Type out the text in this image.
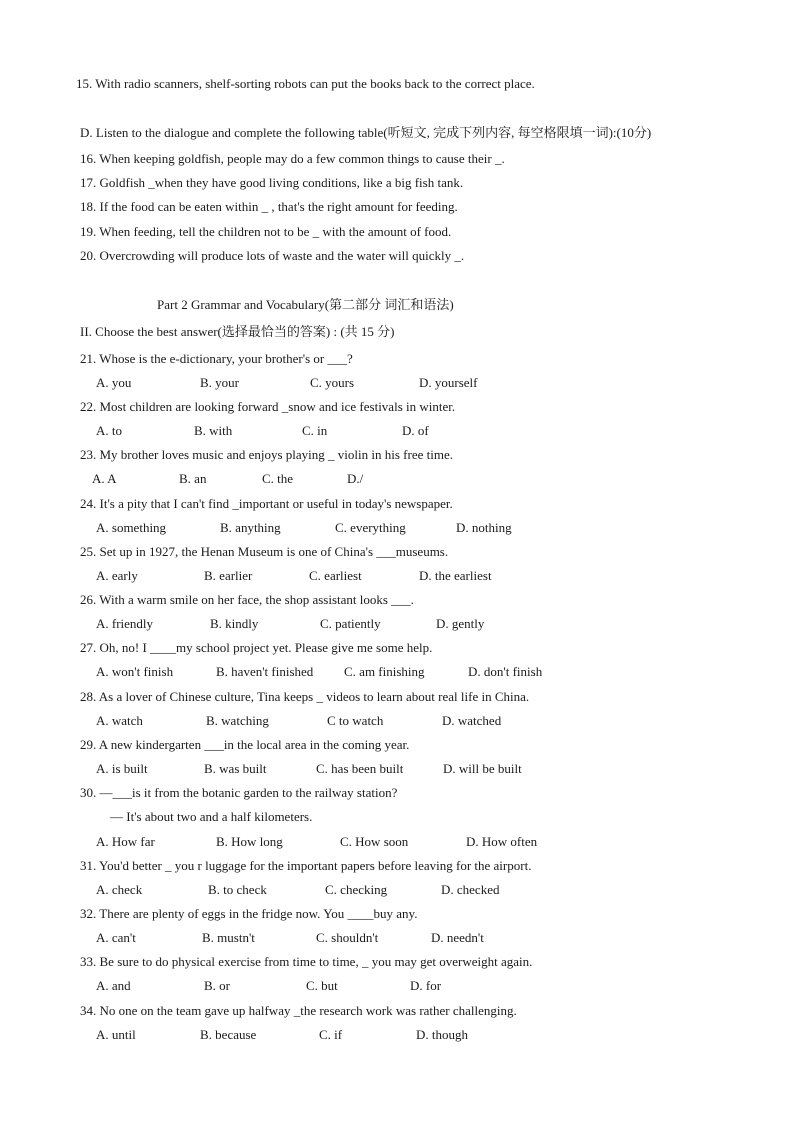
15. With radio scanners, shelf-sorting robots can put the books back to the correct place.
D. Listen to the dialogue and complete the following table(听短文, 完成下列内容, 每空格限填一词):(10分)
16. When keeping goldfish, people may do a few common things to cause their _.
17. Goldfish _when they have good living conditions, like a big fish tank.
18. If the food can be eaten within _ , that's the right amount for feeding.
19. When feeding, tell the children not to be _ with the amount of food.
20. Overcrowding will produce lots of waste and the water will quickly _.
Part 2 Grammar and Vocabulary(第二部分 词汇和语法)
II. Choose the best answer(选择最恰当的答案) : (共 15 分)
21. Whose is the e-dictionary, your brother's or ___?
A. you	B. your	C. yours	D. yourself
22. Most children are looking forward _snow and ice festivals in winter.
A. to	B. with	C. in	D. of
23. My brother loves music and enjoys playing _ violin in his free time.
A. A	B. an	C. the	D./
24. It's a pity that I can't find _important or useful in today's newspaper.
A. something	B. anything	C. everything	D. nothing
25. Set up in 1927, the Henan Museum is one of China's ___museums.
A. early	B. earlier	C. earliest	D. the earliest
26. With a warm smile on her face, the shop assistant looks ___.
A. friendly	B. kindly	C. patiently	D. gently
27. Oh, no! I ____my school project yet. Please give me some help.
A. won't finish	B. haven't finished C. am finishing	D. don't finish
28. As a lover of Chinese culture, Tina keeps _ videos to learn about real life in China.
A. watch	B. watching	C to watch	D. watched
29. A new kindergarten ___in the local area in the coming year.
A. is built	B. was built	C. has been built	D. will be built
30. —___is it from the botanic garden to the railway station?
— It's about two and a half kilometers.
A. How far	B. How long	C. How soon	D. How often
31. You'd better _ you r luggage for the important papers before leaving for the airport.
A. check	B. to check	C. checking	D. checked
32. There are plenty of eggs in the fridge now. You ____buy any.
A. can't	B. mustn't	C. shouldn't	D. needn't
33. Be sure to do physical exercise from time to time, _ you may get overweight again.
A. and	B. or	C. but	D. for
34. No one on the team gave up halfway _the research work was rather challenging.
A. until	B. because	C. if	D. though
